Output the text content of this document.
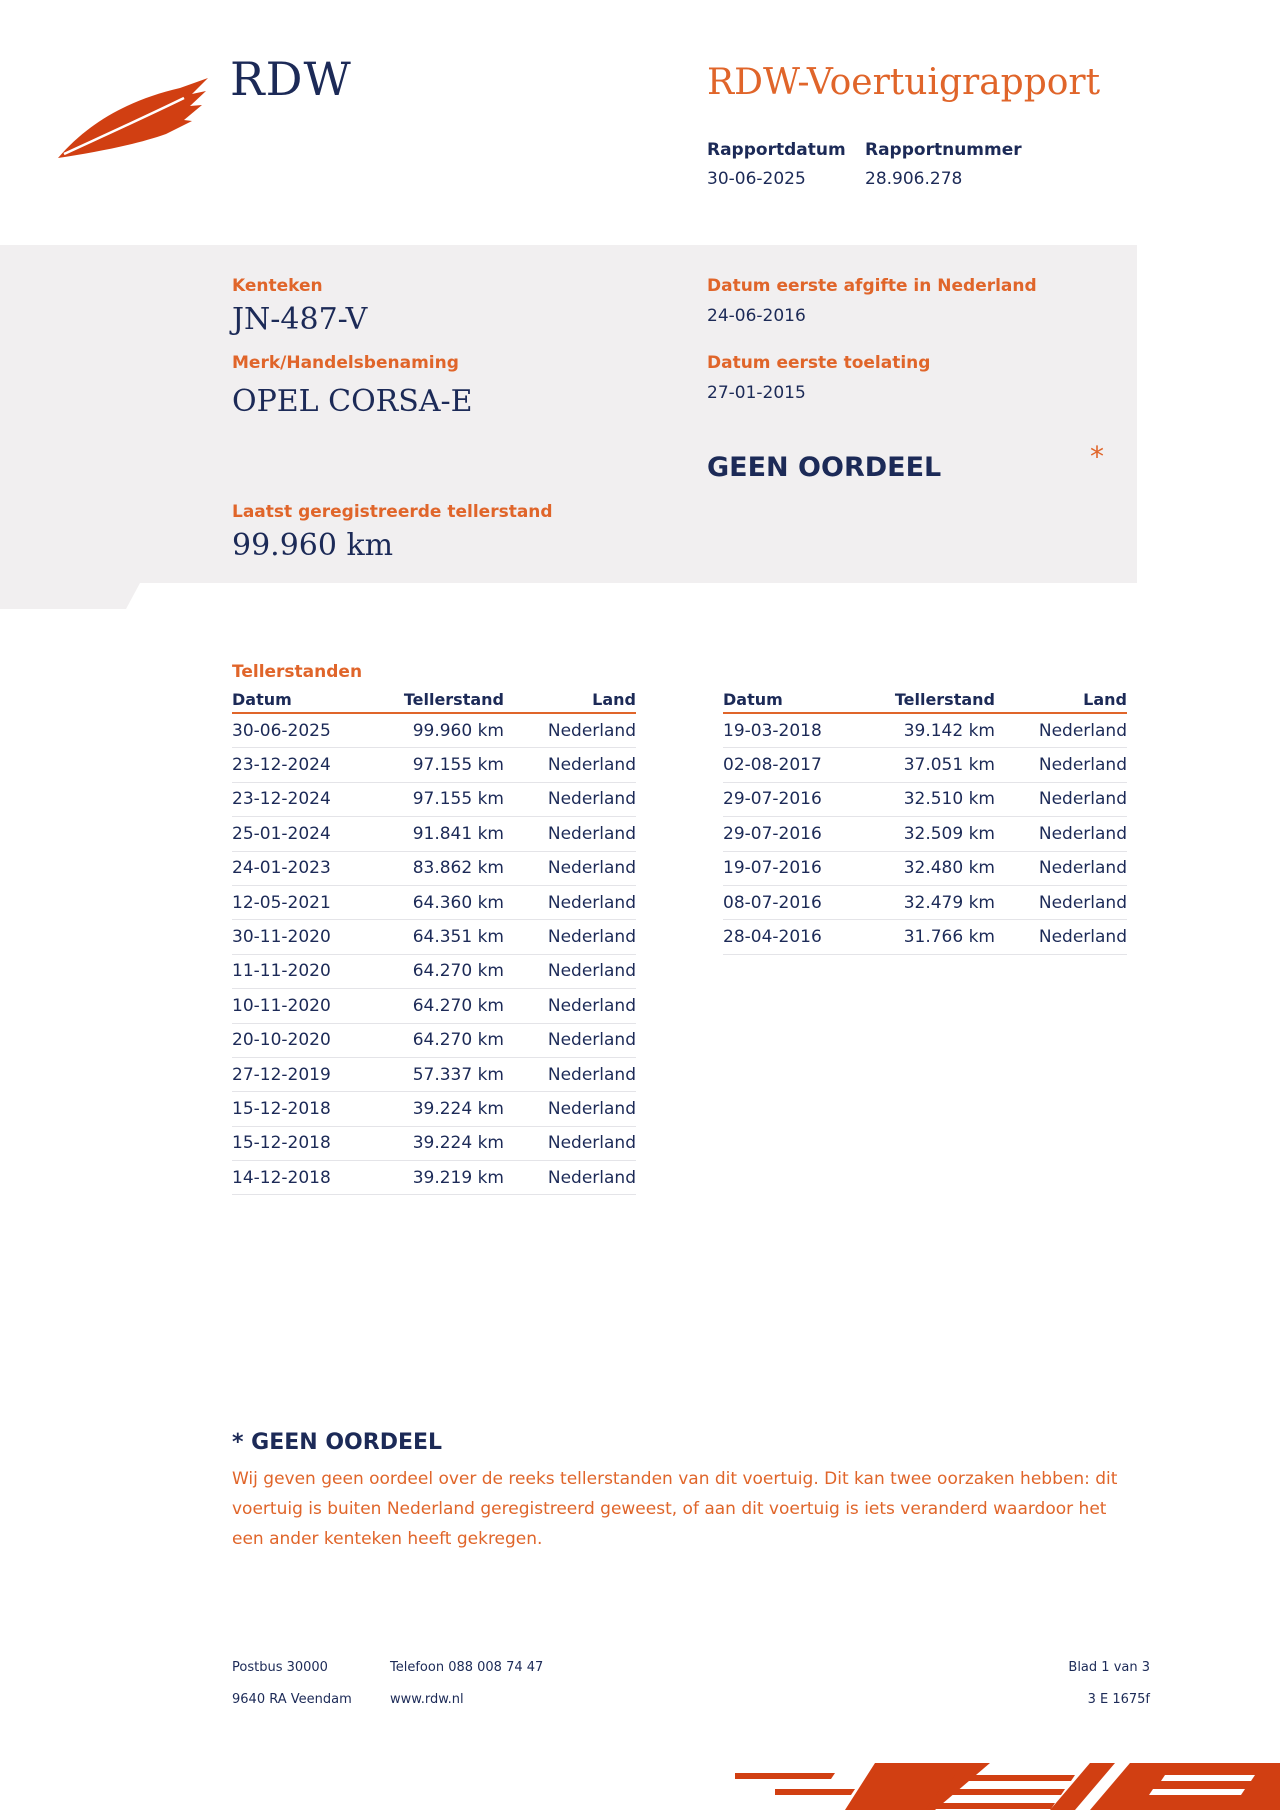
RDW	RDW-Voertuigrapport
Rapportdatum
30-06-2025
Rapportnummer
28.906.278
Kenteken
JN-487-V
Merk/Handelsbenaming
OPEL CORSA-E
Laatst geregistreerde tellerstand
99.960 km
Datum eerste afgifte in Nederland
24-06-2016
Datum eerste toelating
27-01-2015
GEEN OORDEEL	*
Tellerstanden
Datum	Tellerstand	Land
30-06-2025	99.960 km	Nederland
23-12-2024	97.155 km	Nederland
23-12-2024	97.155 km	Nederland
25-01-2024	91.841 km	Nederland
24-01-2023	83.862 km	Nederland
12-05-2021	64.360 km	Nederland
30-11-2020	64.351 km	Nederland
11-11-2020	64.270 km	Nederland
10-11-2020	64.270 km	Nederland
20-10-2020	64.270 km	Nederland
27-12-2019	57.337 km	Nederland
15-12-2018	39.224 km	Nederland
15-12-2018	39.224 km	Nederland
14-12-2018	39.219 km	Nederland
Datum	Tellerstand	Land
19-03-2018	39.142 km	Nederland
02-08-2017	37.051 km	Nederland
29-07-2016	32.510 km	Nederland
29-07-2016	32.509 km	Nederland
19-07-2016	32.480 km	Nederland
08-07-2016	32.479 km	Nederland
28-04-2016	31.766 km	Nederland
* GEEN OORDEEL
Wij geven geen oordeel over de reeks tellerstanden van dit voertuig. Dit kan twee oorzaken hebben: dit voertuig is buiten Nederland geregistreerd geweest, of aan dit voertuig is iets veranderd waardoor het een ander kenteken heeft gekregen.
Postbus 30000
9640 RA Veendam
Telefoon 088 008 74 47
www.rdw.nl
Blad 1 van 3
3 E 1675f
